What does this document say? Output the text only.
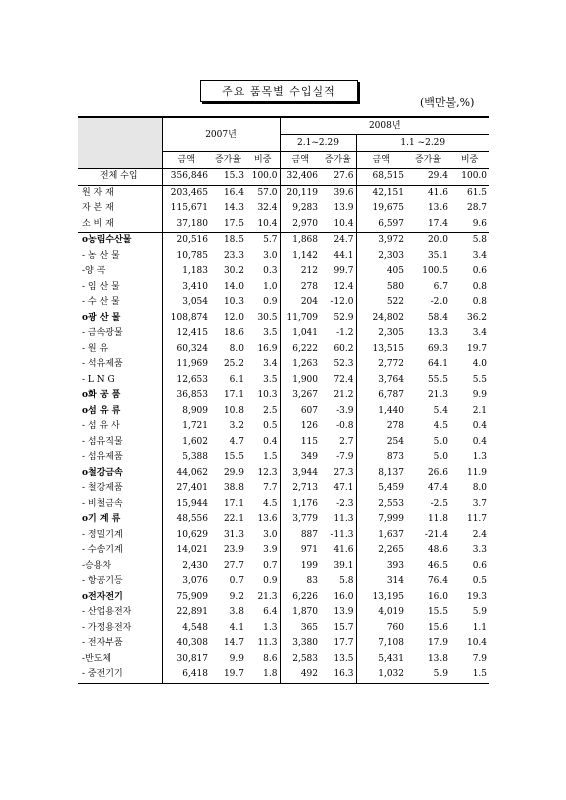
주요 품목별 수입실적
(백만불,%)
	2007년			2008년				
				2.1~2.29		1.1 ~2.29		
	금액	증가율	비중	금액	증가율	금액	증가율	비중
전체 수입	356,846	15.3	100.0	32,406	27.6	68,515	29.4	100.0
원 자 재	203,465	16.4	57.0	20,119	39.6	42,151	41.6	61.5
자 본 재	115,671	14.3	32.4	9,283	13.9	19,675	13.6	28.7
소 비 재	37,180	17.5	10.4	2,970	10.4	6,597	17.4	9.6
o농림수산물	20,516	18.5	5.7	1,868	24.7	3,972	20.0	5.8
- 농 산 물	10,785	23.3	3.0	1,142	44.1	2,303	35.1	3.4
-양 곡	1,183	30.2	0.3	212	99.7	405	100.5	0.6
- 임 산 물	3,410	14.0	1.0	278	12.4	580	6.7	0.8
- 수 산 물	3,054	10.3	0.9	204	-12.0	522	-2.0	0.8
o광 산 물	108,874	12.0	30.5	11,709	52.9	24,802	58.4	36.2
- 금속광물	12,415	18.6	3.5	1,041	-1.2	2,305	13.3	3.4
- 원 유	60,324	8.0	16.9	6,222	60.2	13,515	69.3	19.7
- 석유제품	11,969	25.2	3.4	1,263	52.3	2,772	64.1	4.0
- L N G	12,653	6.1	3.5	1,900	72.4	3,764	55.5	5.5
o화 공 품	36,853	17.1	10.3	3,267	21.2	6,787	21.3	9.9
o섬 유 류	8,909	10.8	2.5	607	-3.9	1,440	5.4	2.1
- 섬 유 사	1,721	3.2	0.5	126	-0.8	278	4.5	0.4
- 섬유직물	1,602	4.7	0.4	115	2.7	254	5.0	0.4
- 섬유제품	5,388	15.5	1.5	349	-7.9	873	5.0	1.3
o철강금속	44,062	29.9	12.3	3,944	27.3	8,137	26.6	11.9
- 철강제품	27,401	38.8	7.7	2,713	47.1	5,459	47.4	8.0
- 비철금속	15,944	17.1	4.5	1,176	-2.3	2,553	-2.5	3.7
o기 계 류	48,556	22.1	13.6	3,779	11.3	7,999	11.8	11.7
- 정밀기계	10,629	31.3	3.0	887	-11.3	1,637	-21.4	2.4
- 수송기계	14,021	23.9	3.9	971	41.6	2,265	48.6	3.3
-승용차	2,430	27.7	0.7	199	39.1	393	46.5	0.6
- 항공기등	3,076	0.7	0.9	83	5.8	314	76.4	0.5
o전자전기	75,909	9.2	21.3	6,226	16.0	13,195	16.0	19.3
- 산업용전자	22,891	3.8	6.4	1,870	13.9	4,019	15.5	5.9
- 가정용전자	4,548	4.1	1.3	365	15.7	760	15.6	1.1
- 전자부품	40,308	14.7	11.3	3,380	17.7	7,108	17.9	10.4
-반도체	30,817	9.9	8.6	2,583	13.5	5,431	13.8	7.9
- 중전기기	6,418	19.7	1.8	492	16.3	1,032	5.9	1.5
